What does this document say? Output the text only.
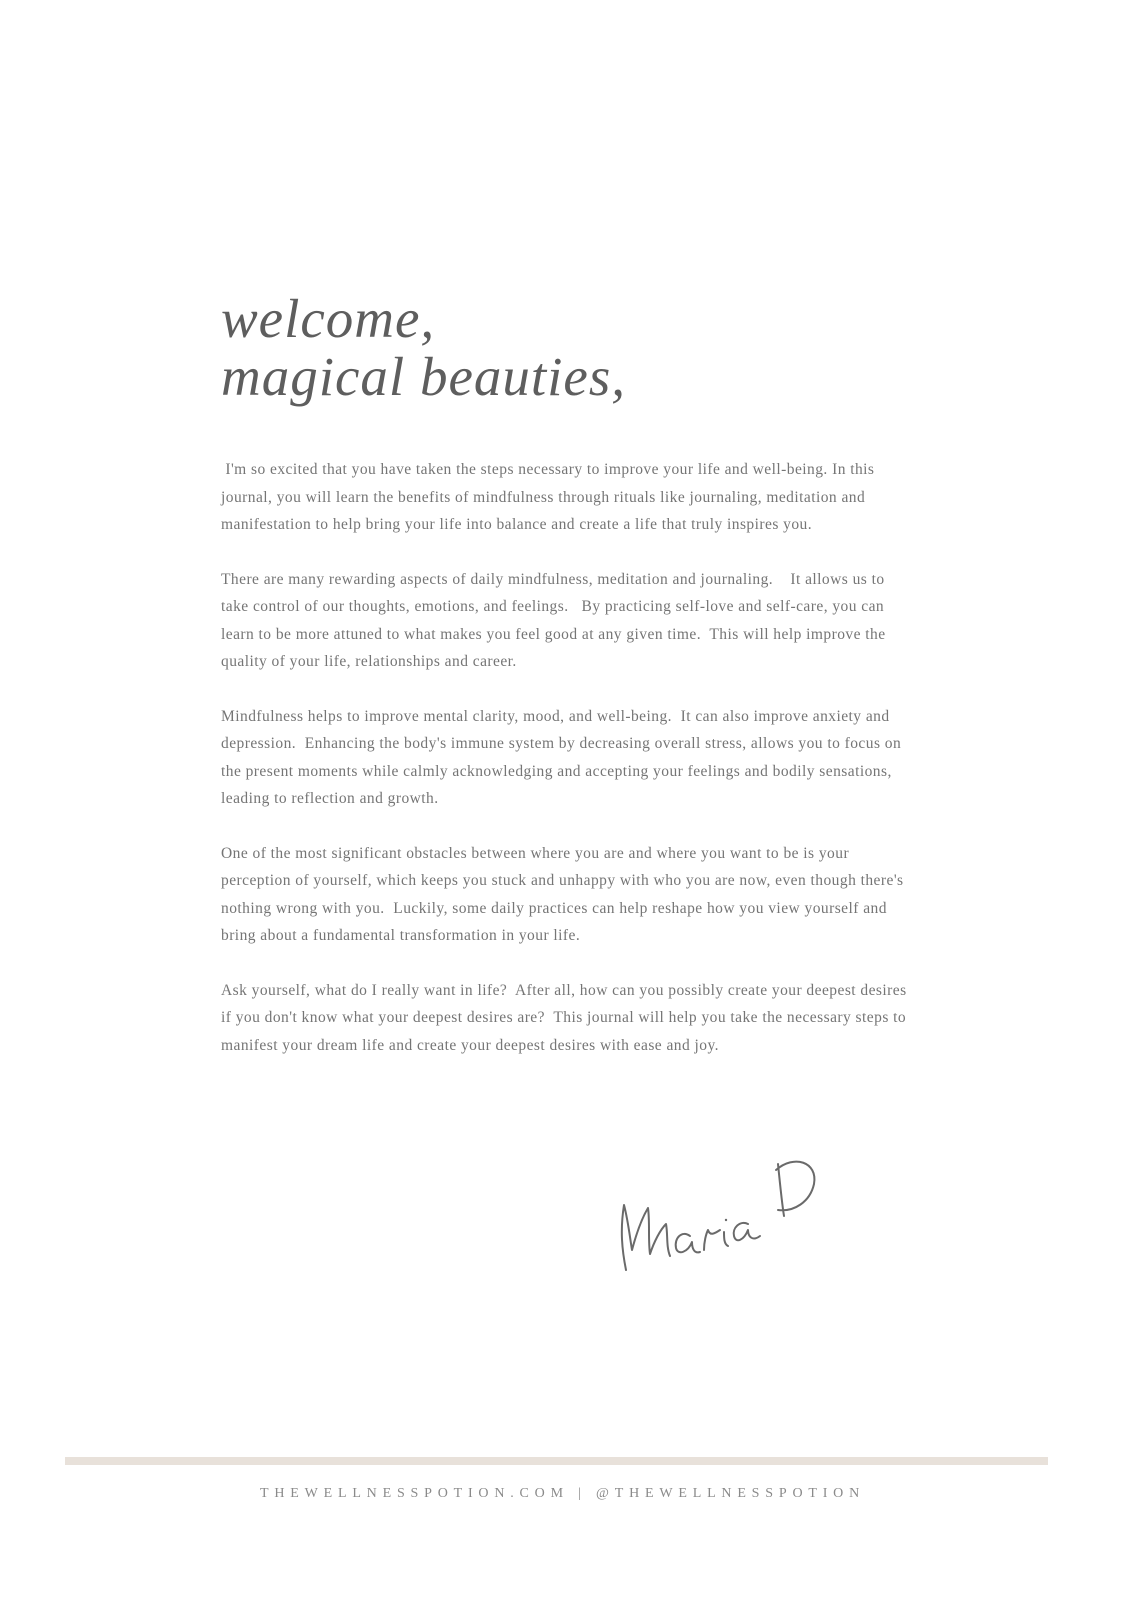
welcome,
magical beauties,

I'm so excited that you have taken the steps necessary to improve your life and well-being. In this journal, you will learn the benefits of mindfulness through rituals like journaling, meditation and manifestation to help bring your life into balance and create a life that truly inspires you.

There are many rewarding aspects of daily mindfulness, meditation and journaling.    It allows us to take control of our thoughts, emotions, and feelings.   By practicing self-love and self-care, you can learn to be more attuned to what makes you feel good at any given time.  This will help improve the quality of your life, relationships and career.

Mindfulness helps to improve mental clarity, mood, and well-being.  It can also improve anxiety and depression.  Enhancing the body's immune system by decreasing overall stress, allows you to focus on the present moments while calmly acknowledging and accepting your feelings and bodily sensations, leading to reflection and growth.

One of the most significant obstacles between where you are and where you want to be is your perception of yourself, which keeps you stuck and unhappy with who you are now, even though there's nothing wrong with you.  Luckily, some daily practices can help reshape how you view yourself and bring about a fundamental transformation in your life.

Ask yourself, what do I really want in life?  After all, how can you possibly create your deepest desires if you don't know what your deepest desires are?  This journal will help you take the necessary steps to manifest your dream life and create your deepest desires with ease and joy.

THEWELLNESSPOTION.COM | @THEWELLNESSPOTION
